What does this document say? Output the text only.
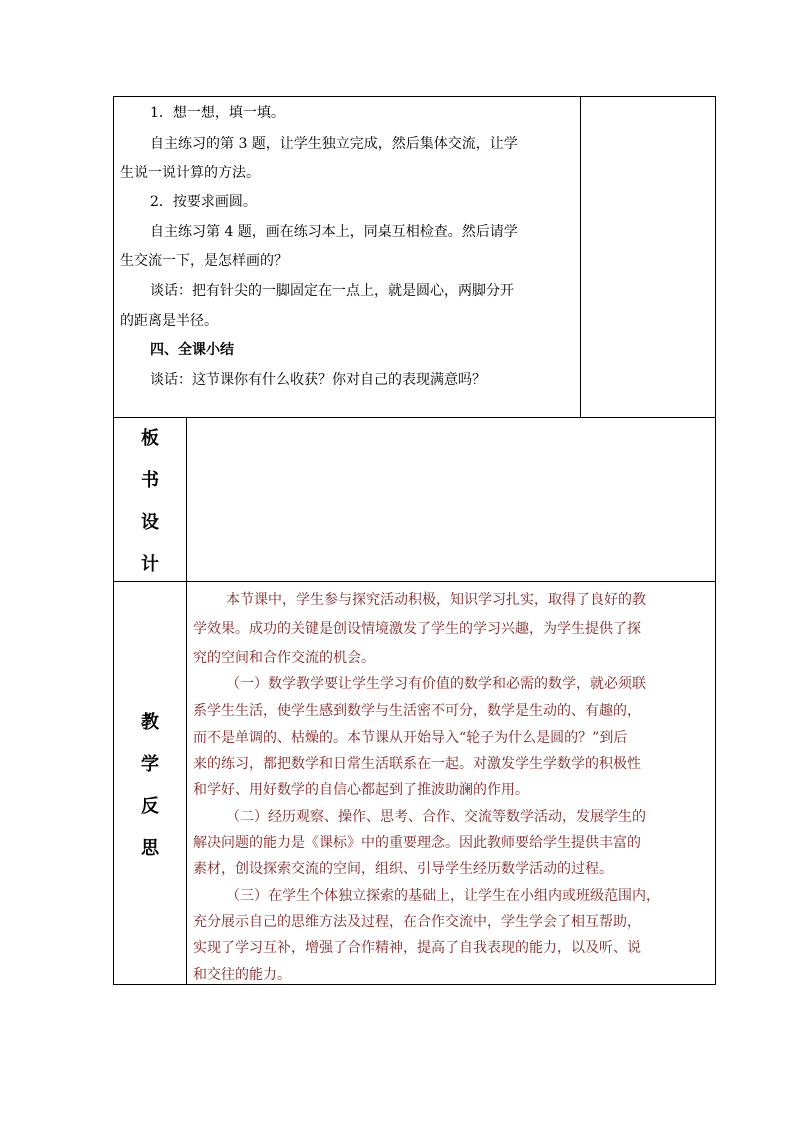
1．想一想，填一填。
自主练习的第 3 题，让学生独立完成，然后集体交流，让学
生说一说计算的方法。
2．按要求画圆。
自主练习第 4 题，画在练习本上，同桌互相检查。然后请学
生交流一下，是怎样画的？
谈话：把有针尖的一脚固定在一点上，就是圆心，两脚分开
的距离是半径。
四、全课小结
谈话：这节课你有什么收获？你对自己的表现满意吗？
板
书
设
计
教
学
反
思
本节课中，学生参与探究活动积极，知识学习扎实，取得了良好的教
学效果。成功的关键是创设情境激发了学生的学习兴趣，为学生提供了探
究的空间和合作交流的机会。
（一）数学教学要让学生学习有价值的数学和必需的数学，就必须联
系学生生活，使学生感到数学与生活密不可分，数学是生动的、有趣的，
而不是单调的、枯燥的。本节课从开始导入“轮子为什么是圆的？”到后
来的练习，都把数学和日常生活联系在一起。对激发学生学数学的积极性
和学好、用好数学的自信心都起到了推波助澜的作用。
（二）经历观察、操作、思考、合作、交流等数学活动，发展学生的
解决问题的能力是《课标》中的重要理念。因此教师要给学生提供丰富的
素材，创设探索交流的空间，组织、引导学生经历数学活动的过程。
（三）在学生个体独立探索的基础上，让学生在小组内或班级范围内，
充分展示自己的思维方法及过程，在合作交流中，学生学会了相互帮助，
实现了学习互补，增强了合作精神，提高了自我表现的能力，以及听、说
和交往的能力。
